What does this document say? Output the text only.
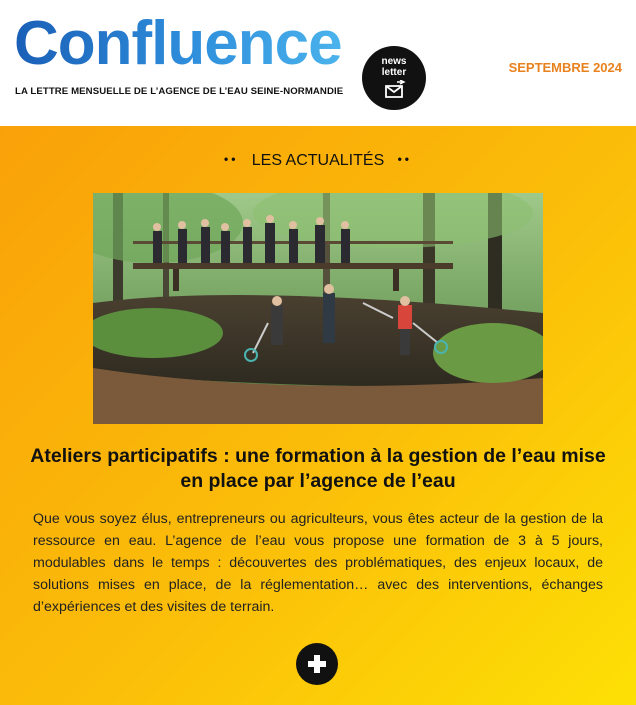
Confluence
LA LETTRE MENSUELLE DE L’AGENCE DE L’EAU SEINE-NORMANDIE
news
letter	SEPTEMBRE 2024
•• LES ACTUALITÉS ••
Ateliers participatifs : une formation à la gestion de l’eau mise en place par l’agence de l’eau

Que vous soyez élus, entrepreneurs ou agriculteurs, vous êtes acteur de la gestion de la ressource en eau. L’agence de l’eau vous propose une formation de 3 à 5 jours, modulables dans le temps : découvertes des problématiques, des enjeux locaux, de solutions mises en place, de la réglementation… avec des interventions, échanges d’expériences et des visites de terrain.
